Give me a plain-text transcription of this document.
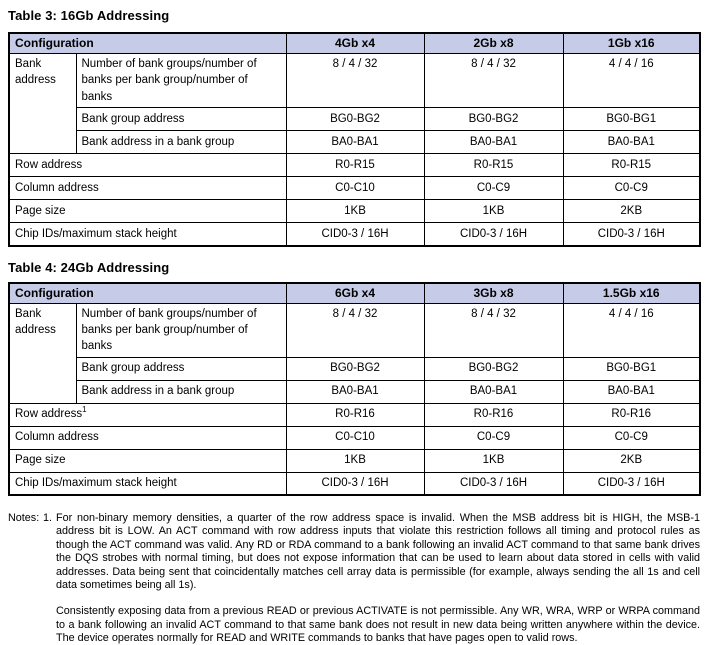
Table 3: 16Gb Addressing
Configuration		4Gb x4	2Gb x8	1Gb x16
Bank address	Number of bank groups/number of banks per bank group/number of banks	8 / 4 / 32	8 / 4 / 32	4 / 4 / 16
	Bank group address	BG0-BG2	BG0-BG2	BG0-BG1
	Bank address in a bank group	BA0-BA1	BA0-BA1	BA0-BA1
Row address		R0-R15	R0-R15	R0-R15
Column address		C0-C10	C0-C9	C0-C9
Page size		1KB	1KB	2KB
Chip IDs/maximum stack height		CID0-3 / 16H	CID0-3 / 16H	CID0-3 / 16H
Table 4: 24Gb Addressing
Configuration		6Gb x4	3Gb x8	1.5Gb x16
Bank address	Number of bank groups/number of banks per bank group/number of banks	8 / 4 / 32	8 / 4 / 32	4 / 4 / 16
	Bank group address	BG0-BG2	BG0-BG2	BG0-BG1
	Bank address in a bank group	BA0-BA1	BA0-BA1	BA0-BA1
Row address$^1$		R0-R16	R0-R16	R0-R16
Column address		C0-C10	C0-C9	C0-C9
Page size		1KB	1KB	2KB
Chip IDs/maximum stack height		CID0-3 / 16H	CID0-3 / 16H	CID0-3 / 16H
Notes: 1. For non-binary memory densities, a quarter of the row address space is invalid. When the MSB address bit is HIGH, the MSB-1 address bit is LOW. An ACT command with row address inputs that violate this restriction follows all timing and protocol rules as though the ACT command was valid. Any RD or RDA command to a bank following an invalid ACT command to that same bank drives the DQS strobes with normal timing, but does not expose information that can be used to learn about data stored in cells with valid addresses. Data being sent that coincidentally matches cell array data is permissible (for example, always sending the all 1s and cell data sometimes being all 1s).

Consistently exposing data from a previous READ or previous ACTIVATE is not permissible. Any WR, WRA, WRP or WRPA command to a bank following an invalid ACT command to that same bank does not result in new data being written anywhere within the device. The device operates normally for READ and WRITE commands to banks that have pages open to valid rows.
